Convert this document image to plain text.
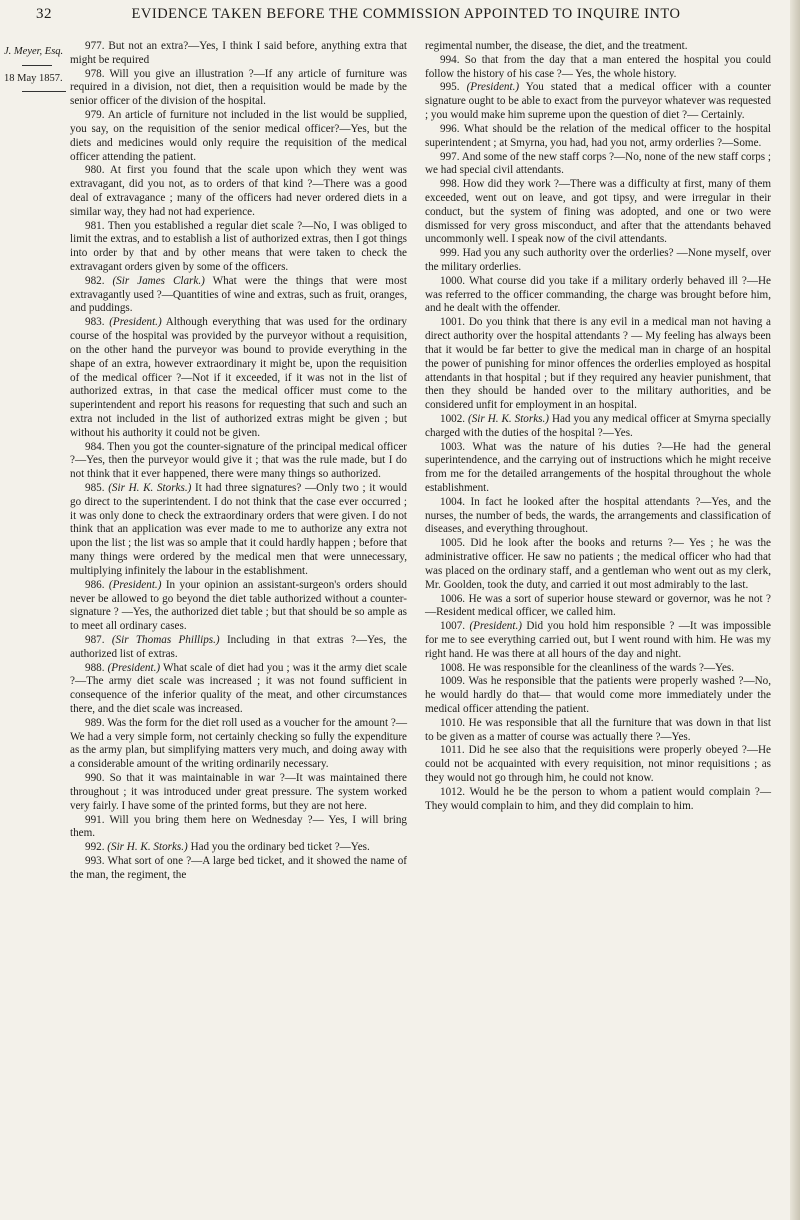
32	EVIDENCE TAKEN BEFORE THE COMMISSION APPOINTED TO INQUIRE INTO
J. Meyer, Esq.
18 May 1857.

977. But not an extra?—Yes, I think I said before, anything extra that might be required

978. Will you give an illustration ?—If any article of furniture was required in a division, not diet, then a requisition would be made by the senior officer of the division of the hospital.

979. An article of furniture not included in the list would be supplied, you say, on the requisition of the senior medical officer?—Yes, but the diets and medicines would only require the requisition of the medical officer attending the patient.

980. At first you found that the scale upon which they went was extravagant, did you not, as to orders of that kind ?—There was a good deal of extravagance ; many of the officers had never ordered diets in a similar way, they had not had experience.

981. Then you established a regular diet scale ?—No, I was obliged to limit the extras, and to establish a list of authorized extras, then I got things into order by that and by other means that were taken to check the extravagant orders given by some of the officers.

982. (Sir James Clark.) What were the things that were most extravagantly used ?—Quantities of wine and extras, such as fruit, oranges, and puddings.

983. (President.) Although everything that was used for the ordinary course of the hospital was provided by the purveyor without a requisition, on the other hand the purveyor was bound to provide everything in the shape of an extra, however extraordinary it might be, upon the requisition of the medical officer ?—Not if it exceeded, if it was not in the list of authorized extras, in that case the medical officer must come to the superintendent and report his reasons for requesting that such and such an extra not included in the list of authorized extras might be given ; but without his authority it could not be given.

984. Then you got the counter-signature of the principal medical officer ?—Yes, then the purveyor would give it ; that was the rule made, but I do not think that it ever happened, there were many things so authorized.

985. (Sir H. K. Storks.) It had three signatures? —Only two ; it would go direct to the superintendent. I do not think that the case ever occurred ; it was only done to check the extraordinary orders that were given. I do not think that an application was ever made to me to authorize any extra not upon the list ; the list was so ample that it could hardly happen ; before that many things were ordered by the medical men that were unnecessary, multiplying infinitely the labour in the establishment.

986. (President.) In your opinion an assistant-surgeon's orders should never be allowed to go beyond the diet table authorized without a counter-signature ? —Yes, the authorized diet table ; but that should be so ample as to meet all ordinary cases.

987. (Sir Thomas Phillips.) Including in that extras ?—Yes, the authorized list of extras.

988. (President.) What scale of diet had you ; was it the army diet scale ?—The army diet scale was increased ; it was not found sufficient in consequence of the inferior quality of the meat, and other circumstances there, and the diet scale was increased.

989. Was the form for the diet roll used as a voucher for the amount ?—We had a very simple form, not certainly checking so fully the expenditure as the army plan, but simplifying matters very much, and doing away with a considerable amount of the writing ordinarily necessary.

990. So that it was maintainable in war ?—It was maintained there throughout ; it was introduced under great pressure. The system worked very fairly. I have some of the printed forms, but they are not here.

991. Will you bring them here on Wednesday ?— Yes, I will bring them.

992. (Sir H. K. Storks.) Had you the ordinary bed ticket ?—Yes.

993. What sort of one ?—A large bed ticket, and it showed the name of the man, the regiment, the

regimental number, the disease, the diet, and the treatment.

994. So that from the day that a man entered the hospital you could follow the history of his case ?— Yes, the whole history.

995. (President.) You stated that a medical officer with a counter signature ought to be able to exact from the purveyor whatever was requested ; you would make him supreme upon the question of diet ?— Certainly.

996. What should be the relation of the medical officer to the hospital superintendent ; at Smyrna, you had, had you not, army orderlies ?—Some.

997. And some of the new staff corps ?—No, none of the new staff corps ; we had special civil attendants.

998. How did they work ?—There was a difficulty at first, many of them exceeded, went out on leave, and got tipsy, and were irregular in their conduct, but the system of fining was adopted, and one or two were dismissed for very gross misconduct, and after that the attendants behaved uncommonly well. I speak now of the civil attendants.

999. Had you any such authority over the orderlies? —None myself, over the military orderlies.

1000. What course did you take if a military orderly behaved ill ?—He was referred to the officer commanding, the charge was brought before him, and he dealt with the offender.

1001. Do you think that there is any evil in a medical man not having a direct authority over the hospital attendants ? — My feeling has always been that it would be far better to give the medical man in charge of an hospital the power of punishing for minor offences the orderlies employed as hospital attendants in that hospital ; but if they required any heavier punishment, that then they should be handed over to the military authorities, and be considered unfit for employment in an hospital.

1002. (Sir H. K. Storks.) Had you any medical officer at Smyrna specially charged with the duties of the hospital ?—Yes.

1003. What was the nature of his duties ?—He had the general superintendence, and the carrying out of instructions which he might receive from me for the detailed arrangements of the hospital throughout the whole establishment.

1004. In fact he looked after the hospital attendants ?—Yes, and the nurses, the number of beds, the wards, the arrangements and classification of diseases, and everything throughout.

1005. Did he look after the books and returns ?— Yes ; he was the administrative officer. He saw no patients ; the medical officer who had that was placed on the ordinary staff, and a gentleman who went out as my clerk, Mr. Goolden, took the duty, and carried it out most admirably to the last.

1006. He was a sort of superior house steward or governor, was he not ?—Resident medical officer, we called him.

1007. (President.) Did you hold him responsible ? —It was impossible for me to see everything carried out, but I went round with him. He was my right hand. He was there at all hours of the day and night.

1008. He was responsible for the cleanliness of the wards ?—Yes.

1009. Was he responsible that the patients were properly washed ?—No, he would hardly do that— that would come more immediately under the medical officer attending the patient.

1010. He was responsible that all the furniture that was down in that list to be given as a matter of course was actually there ?—Yes.

1011. Did he see also that the requisitions were properly obeyed ?—He could not be acquainted with every requisition, not minor requisitions ; as they would not go through him, he could not know.

1012. Would he be the person to whom a patient would complain ?—They would complain to him, and they did complain to him.
